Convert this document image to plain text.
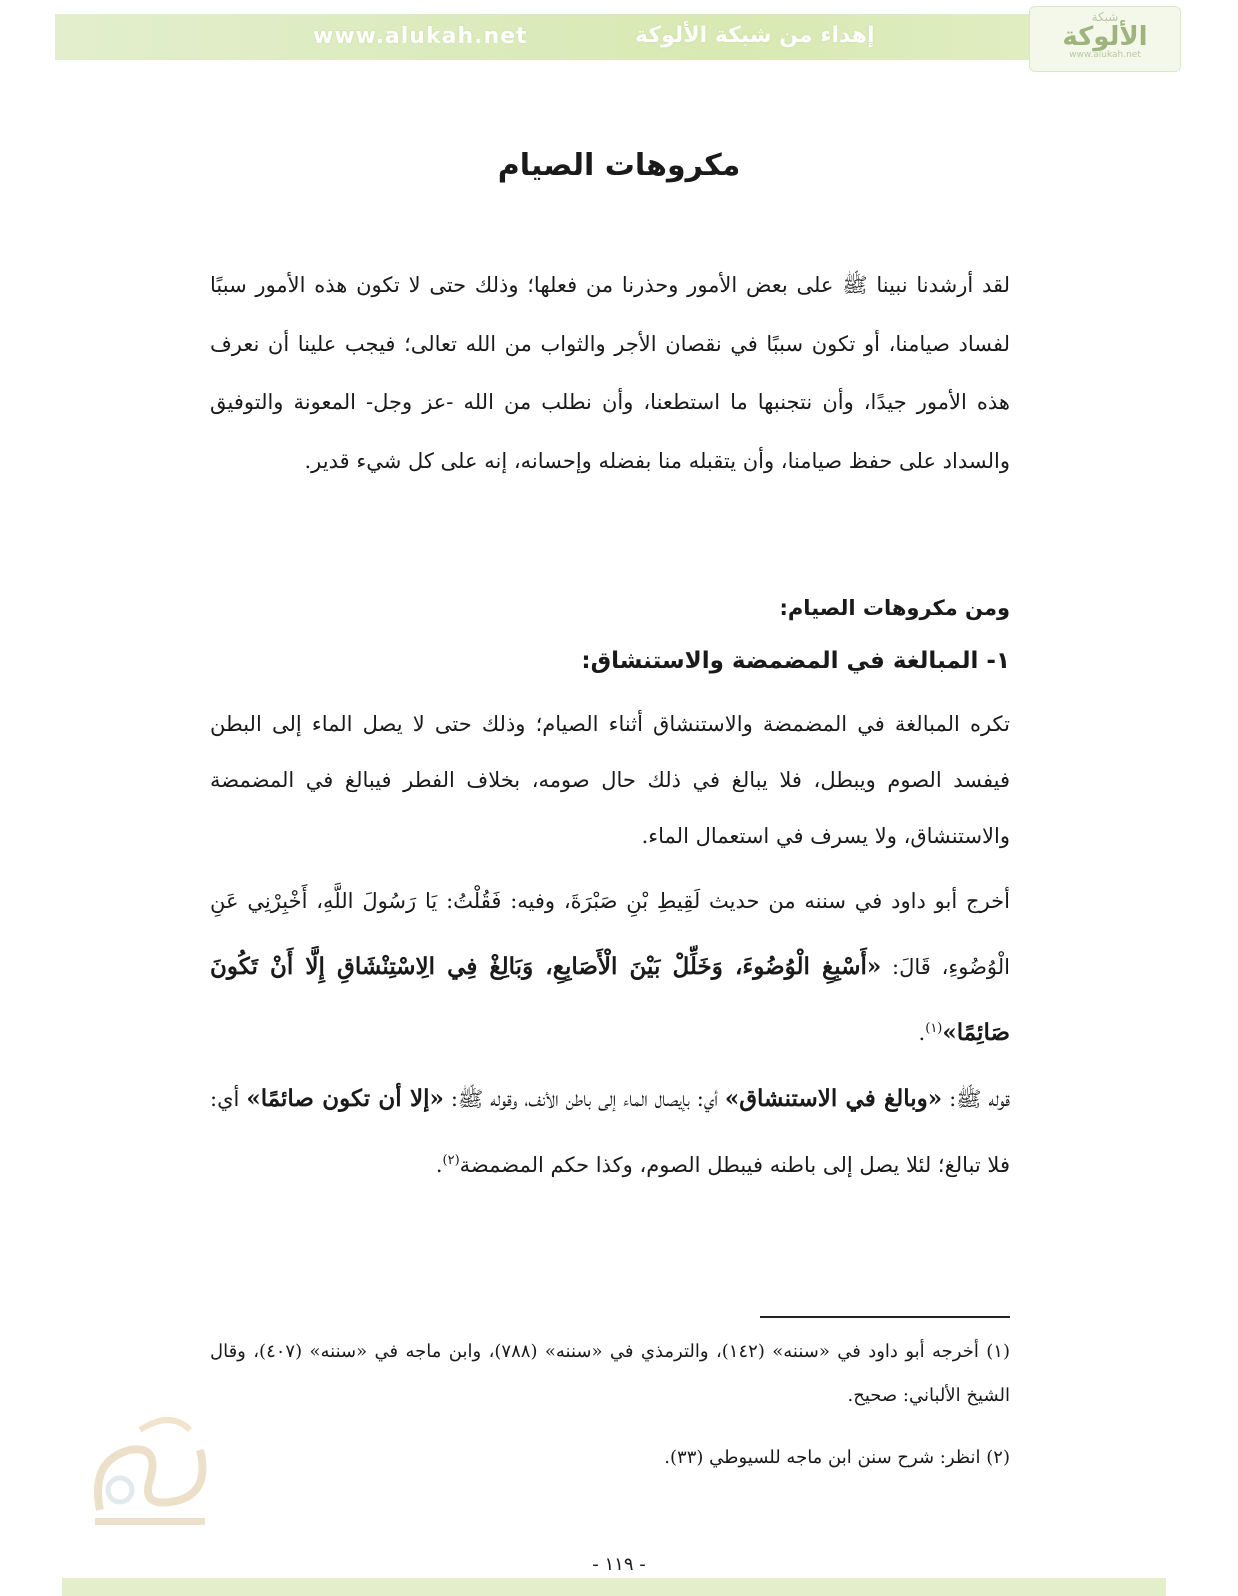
www.alukah.net	إهداء من شبكة الألوكة
شبكة
الألوكة
www.alukah.net
مكروهات الصيام

لقد أرشدنا نبينا ﷺ على بعض الأمور وحذرنا من فعلها؛ وذلك حتى لا تكون هذه الأمور سببًا لفساد صيامنا، أو تكون سببًا في نقصان الأجر والثواب من الله تعالى؛ فيجب علينا أن نعرف هذه الأمور جيدًا، وأن نتجنبها ما استطعنا، وأن نطلب من الله -عز وجل- المعونة والتوفيق والسداد على حفظ صيامنا، وأن يتقبله منا بفضله وإحسانه، إنه على كل شيء قدير.

ومن مكروهات الصيام:
١- المبالغة في المضمضة والاستنشاق:

تكره المبالغة في المضمضة والاستنشاق أثناء الصيام؛ وذلك حتى لا يصل الماء إلى البطن فيفسد الصوم ويبطل، فلا يبالغ في ذلك حال صومه، بخلاف الفطر فيبالغ في المضمضة والاستنشاق، ولا يسرف في استعمال الماء.

أخرج أبو داود في سننه من حديث لَقِيطِ بْنِ صَبْرَةَ، وفيه: فَقُلْتُ: يَا رَسُولَ اللَّهِ، أَخْبِرْنِي عَنِ الْوُضُوءِ، قَالَ: «أَسْبِغِ الْوُضُوءَ، وَخَلِّلْ بَيْنَ الْأَصَابِعِ، وَبَالِغْ فِي الِاسْتِنْشَاقِ إِلَّا أَنْ تَكُونَ صَائِمًا»$^{(١)}$.

قوله ﷺ: «وبالغ في الاستنشاق» أي: بإيصال الماء إلى باطن الأنف، وقوله ﷺ: «إلا أن تكون صائمًا» أي: فلا تبالغ؛ لئلا يصل إلى باطنه فيبطل الصوم، وكذا حكم المضمضة$^{(٢)}$.

(١) أخرجه أبو داود في «سننه» (١٤٢)، والترمذي في «سننه» (٧٨٨)، وابن ماجه في «سننه» (٤٠٧)، وقال الشيخ الألباني: صحيح.

(٢) انظر: شرح سنن ابن ماجه للسيوطي (٣٣).

- ١١٩ -
